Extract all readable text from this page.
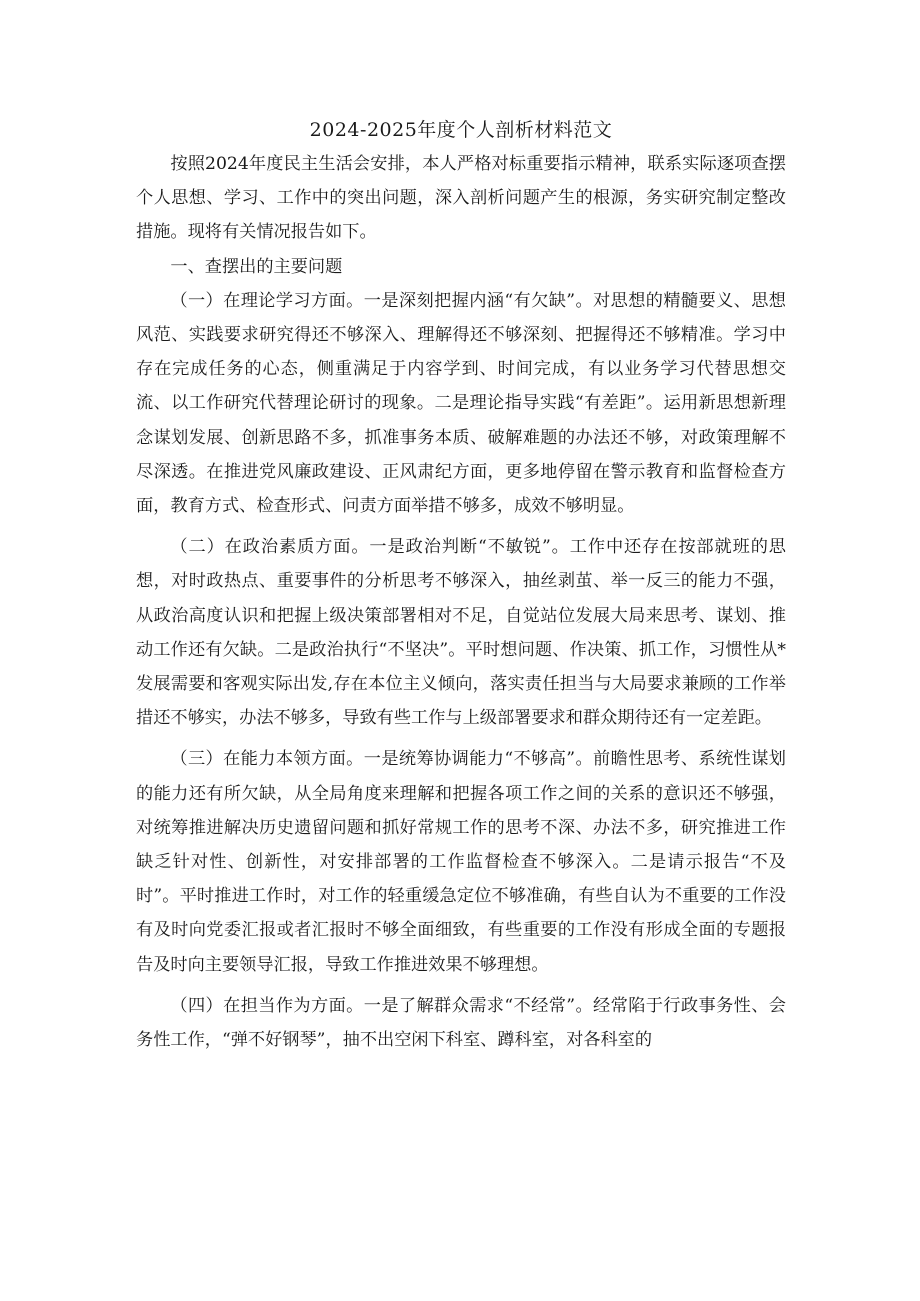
2024-2025年度个人剖析材料范文

按照2024年度民主生活会安排，本人严格对标重要指示精神，联系实际逐项查摆个人思想、学习、工作中的突出问题，深入剖析问题产生的根源，务实研究制定整改措施。现将有关情况报告如下。

一、查摆出的主要问题

（一）在理论学习方面。一是深刻把握内涵“有欠缺”。对思想的精髓要义、思想风范、实践要求研究得还不够深入、理解得还不够深刻、把握得还不够精准。学习中存在完成任务的心态，侧重满足于内容学到、时间完成，有以业务学习代替思想交流、以工作研究代替理论研讨的现象。二是理论指导实践“有差距”。运用新思想新理念谋划发展、创新思路不多，抓准事务本质、破解难题的办法还不够，对政策理解不尽深透。在推进党风廉政建设、正风肃纪方面，更多地停留在警示教育和监督检查方面，教育方式、检查形式、问责方面举措不够多，成效不够明显。

（二）在政治素质方面。一是政治判断“不敏锐”。工作中还存在按部就班的思想，对时政热点、重要事件的分析思考不够深入，抽丝剥茧、举一反三的能力不强，从政治高度认识和把握上级决策部署相对不足，自觉站位发展大局来思考、谋划、推动工作还有欠缺。二是政治执行“不坚决”。平时想问题、作决策、抓工作，习惯性从*发展需要和客观实际出发,存在本位主义倾向，落实责任担当与大局要求兼顾的工作举措还不够实，办法不够多，导致有些工作与上级部署要求和群众期待还有一定差距。

（三）在能力本领方面。一是统筹协调能力“不够高”。前瞻性思考、系统性谋划的能力还有所欠缺，从全局角度来理解和把握各项工作之间的关系的意识还不够强，对统筹推进解决历史遗留问题和抓好常规工作的思考不深、办法不多，研究推进工作缺乏针对性、创新性，对安排部署的工作监督检查不够深入。二是请示报告“不及时”。平时推进工作时，对工作的轻重缓急定位不够准确，有些自认为不重要的工作没有及时向党委汇报或者汇报时不够全面细致，有些重要的工作没有形成全面的专题报告及时向主要领导汇报，导致工作推进效果不够理想。

（四）在担当作为方面。一是了解群众需求“不经常”。经常陷于行政事务性、会务性工作，“弹不好钢琴”，抽不出空闲下科室、蹲科室，对各科室的
